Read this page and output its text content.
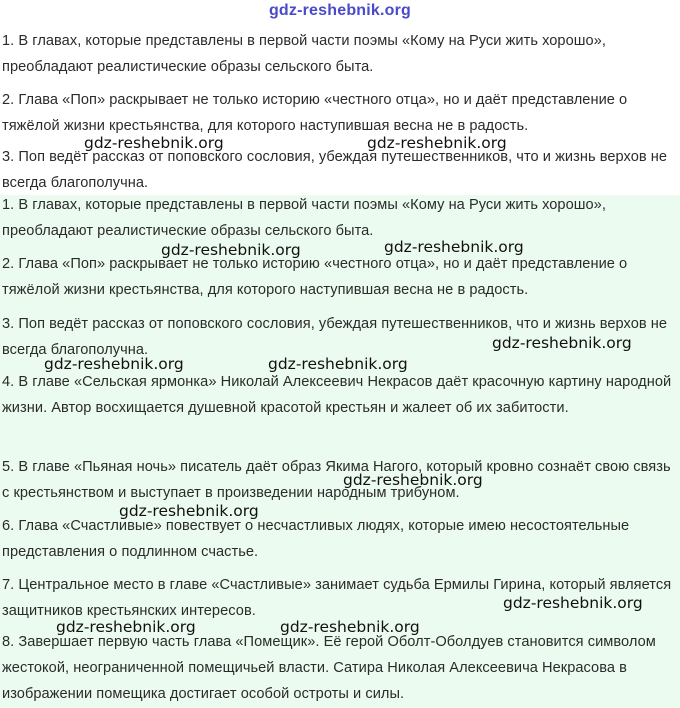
gdz-reshebnik.org
1. В главах, которые представлены в первой части поэмы «Кому на Руси жить хорошо», преобладают реалистические образы сельского быта.
2. Глава «Поп» раскрывает не только историю «честного отца», но и даёт представление о тяжёлой жизни крестьянства, для которого наступившая весна не в радость.
3. Поп ведёт рассказ от поповского сословия, убеждая путешественников, что и жизнь верхов не всегда благополучна.
1. В главах, которые представлены в первой части поэмы «Кому на Руси жить хорошо», преобладают реалистические образы сельского быта.
2. Глава «Поп» раскрывает не только историю «честного отца», но и даёт представление о тяжёлой жизни крестьянства, для которого наступившая весна не в радость.
3. Поп ведёт рассказ от поповского сословия, убеждая путешественников, что и жизнь верхов не всегда благополучна.
4. В главе «Сельская ярмонка» Николай Алексеевич Некрасов даёт красочную картину народной жизни. Автор восхищается душевной красотой крестьян и жалеет об их забитости.
5. В главе «Пьяная ночь» писатель даёт образ Якима Нагого, который кровно сознаёт свою связь с крестьянством и выступает в произведении народным трибуном.
6. Глава «Счастливые» повествует о несчастливых людях, которые имею несостоятельные представления о подлинном счастье.
7. Центральное место в главе «Счастливые» занимает судьба Ермилы Гирина, который является защитников крестьянских интересов.
8. Завершает первую часть глава «Помещик». Её герой Оболт-Оболдуев становится символом жестокой, неограниченной помещичьей власти. Сатира Николая Алексеевича Некрасова в изображении помещика достигает особой остроты и силы.
gdz-reshebnik.org	gdz-reshebnik.org
gdz-reshebnik.org	gdz-reshebnik.org
gdz-reshebnik.org
gdz-reshebnik.org	gdz-reshebnik.org
gdz-reshebnik.org
gdz-reshebnik.org
gdz-reshebnik.org
gdz-reshebnik.org	gdz-reshebnik.org
